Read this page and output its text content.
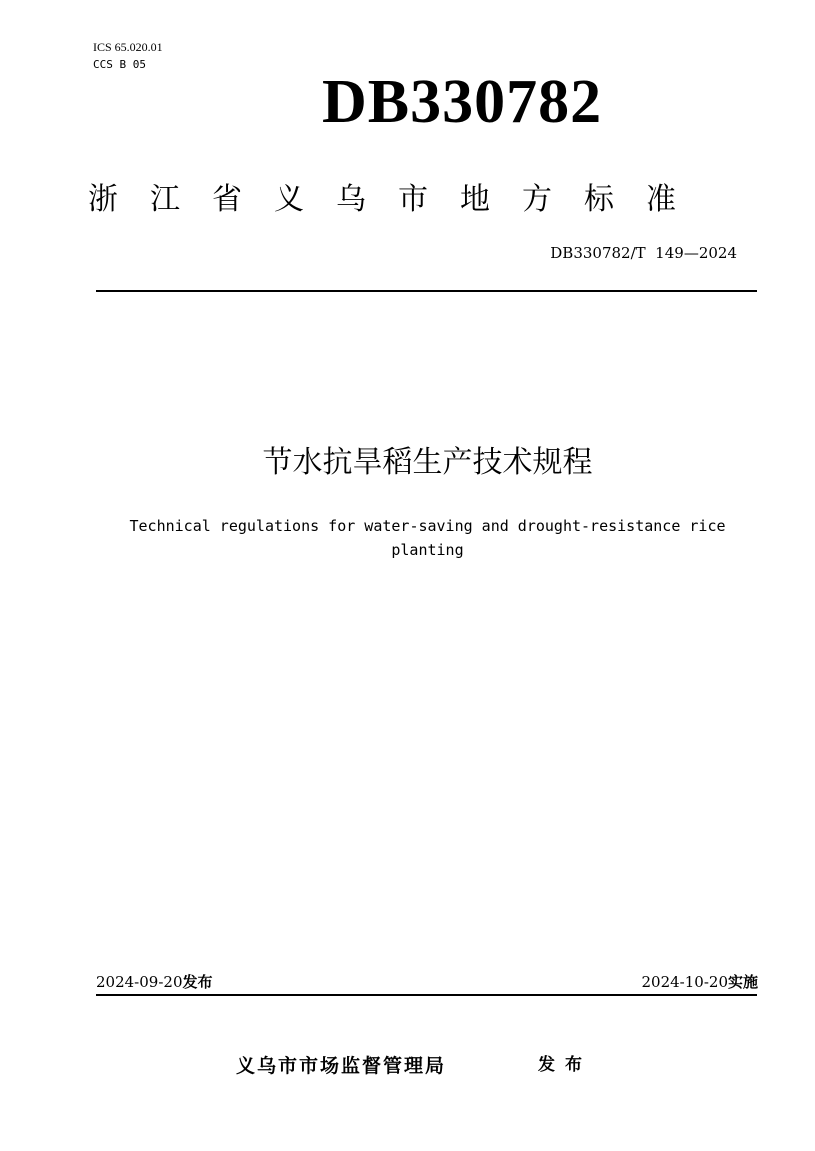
ICS 65.020.01
CCS B 05
DB330782
浙江省义乌市地方标准
DB330782/T  149—2024
节水抗旱稻生产技术规程
Technical regulations for water-saving and drought-resistance rice planting
2024-09-20发布	2024-10-20实施
义乌市市场监督管理局	发布
